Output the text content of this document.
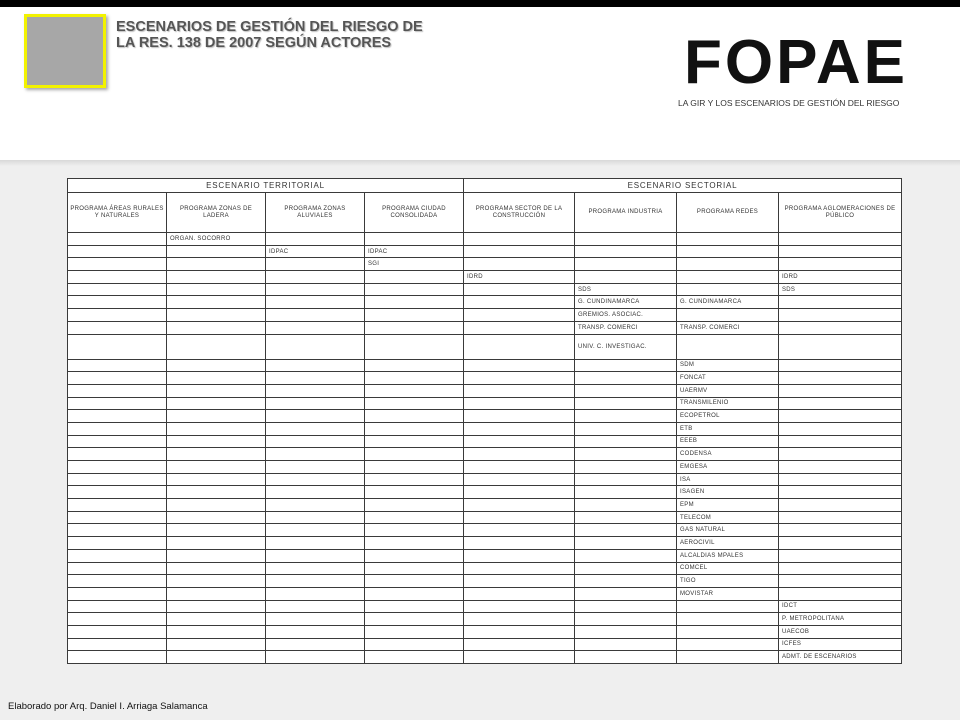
ESCENARIOS DE GESTIÓN DEL RIESGO DE
LA RES. 138 DE 2007 SEGÚN ACTORES	FOPAE
LA GIR Y LOS ESCENARIOS DE GESTIÓN DEL RIESGO
ESCENARIO TERRITORIAL				ESCENARIO SECTORIAL			
PROGRAMA ÁREAS RURALES Y NATURALES	PROGRAMA ZONAS DE LADERA	PROGRAMA ZONAS ALUVIALES	PROGRAMA CIUDAD CONSOLIDADA	PROGRAMA SECTOR DE LA CONSTRUCCIÓN	PROGRAMA INDUSTRIA	PROGRAMA REDES	PROGRAMA AGLOMERACIONES DE PÚBLICO
	ORGAN. SOCORRO						
		IDPAC	IDPAC				
			SGI				
				IDRD			IDRD
					SDS		SDS
					G. CUNDINAMARCA	G. CUNDINAMARCA	
					GREMIOS. ASOCIAC.		
					TRANSP. COMERCI	TRANSP. COMERCI	
					UNIV. C. INVESTIGAC.		
						SDM	
						FONCAT	
						UAERMV	
						TRANSMILENIO	
						ECOPETROL	
						ETB	
						EEEB	
						CODENSA	
						EMGESA	
						ISA	
						ISAGEN	
						EPM	
						TELECOM	
						GAS NATURAL	
						AEROCIVIL	
						ALCALDIAS MPALES	
						COMCEL	
						TIGO	
						MOVISTAR	
							IDCT
							P. METROPOLITANA
							UAECOB
							ICFES
							ADMT. DE ESCENARIOS
Elaborado por Arq. Daniel I. Arriaga Salamanca
